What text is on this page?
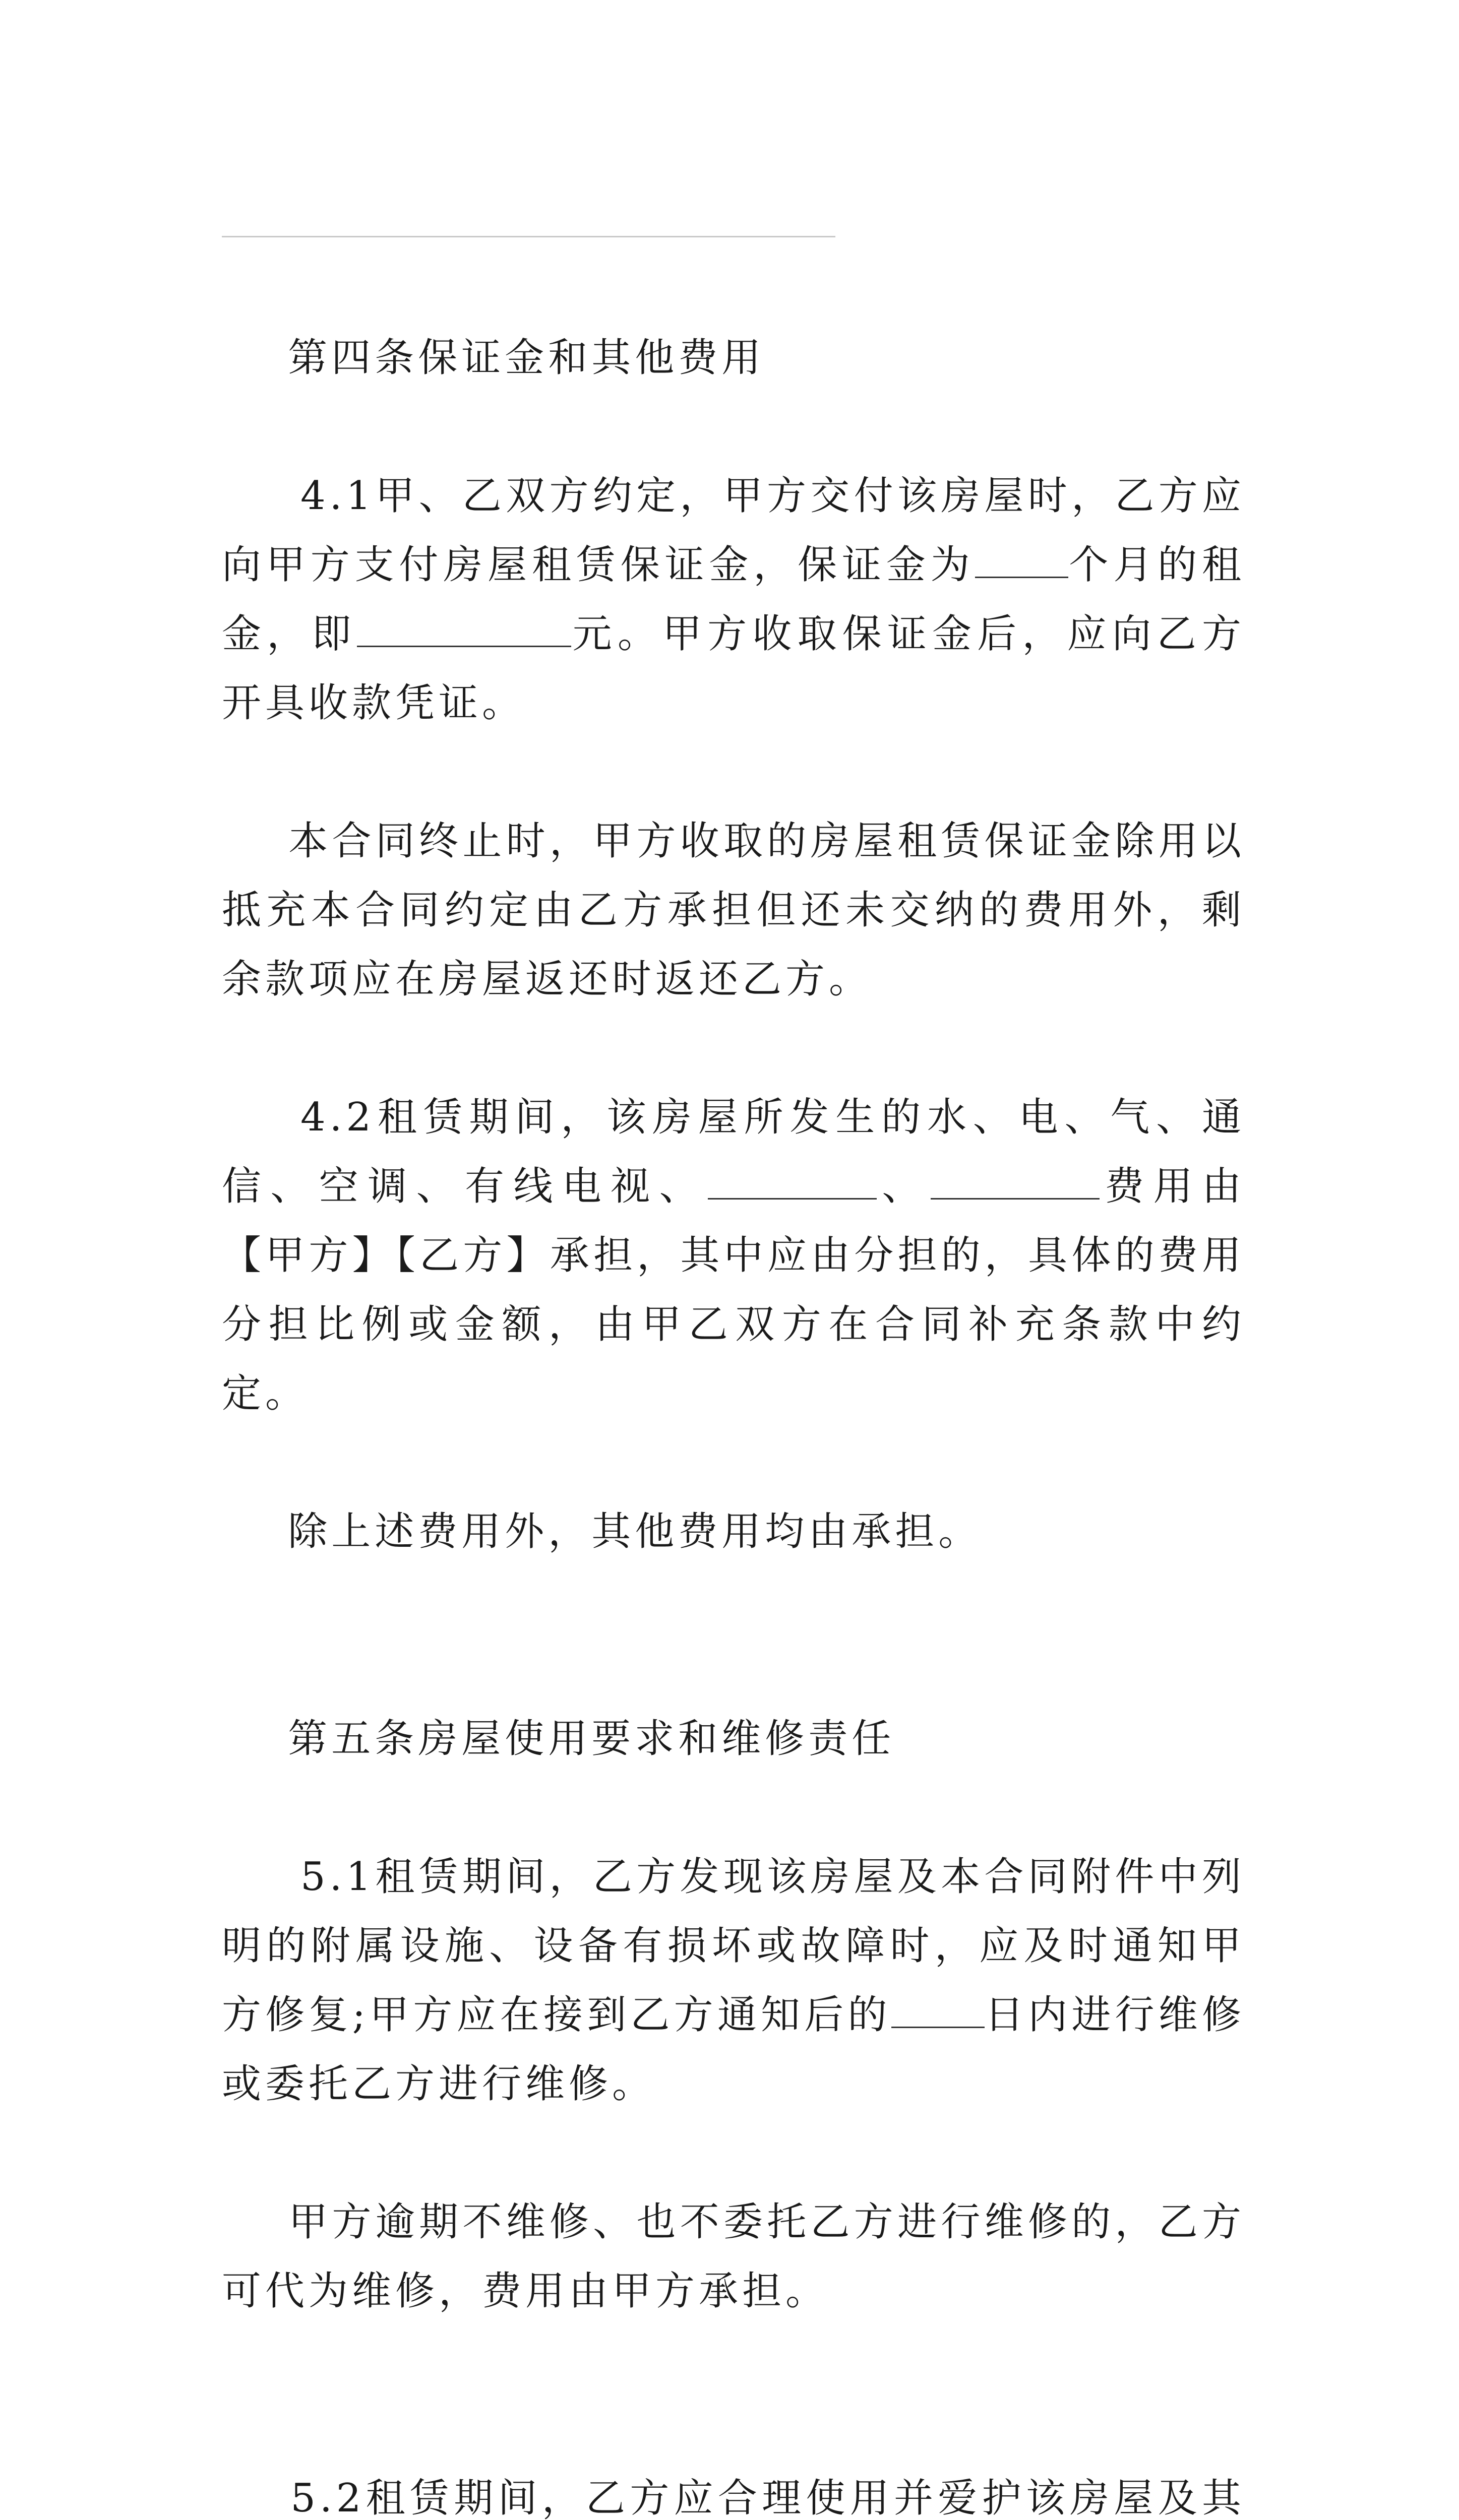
第四条保证金和其他费用

4.1甲、乙双方约定，甲方交付该房屋时，乙方应向甲方支付房屋租赁保证金，保证金为 个月的租金，即	元。甲方收取保证金后，应向乙方开具收款凭证。

本合同终止时，甲方收取的房屋租赁保证金除用以抵充本合同约定由乙方承担但还未交纳的费用外，剩余款项应在房屋返还时返还乙方。

4.2租赁期间，该房屋所发生的水、电、气、通信、空调、有线电视、	、	费用由【甲方】【乙方】承担，其中应由分担的，具体的费用分担比例或金额，由甲乙双方在合同补充条款中约定。

除上述费用外，其他费用均由承担。

第五条房屋使用要求和维修责任

5.1租赁期间，乙方发现该房屋及本合同附件中列明的附属设施、设备有损坏或故障时，应及时通知甲方修复;甲方应在接到乙方通知后的 日内进行维修或委托乙方进行维修。

甲方逾期不维修、也不委托乙方进行维修的，乙方可代为维修，费用由甲方承担。

5.2租赁期间，乙方应合理使用并爱护该房屋及其
